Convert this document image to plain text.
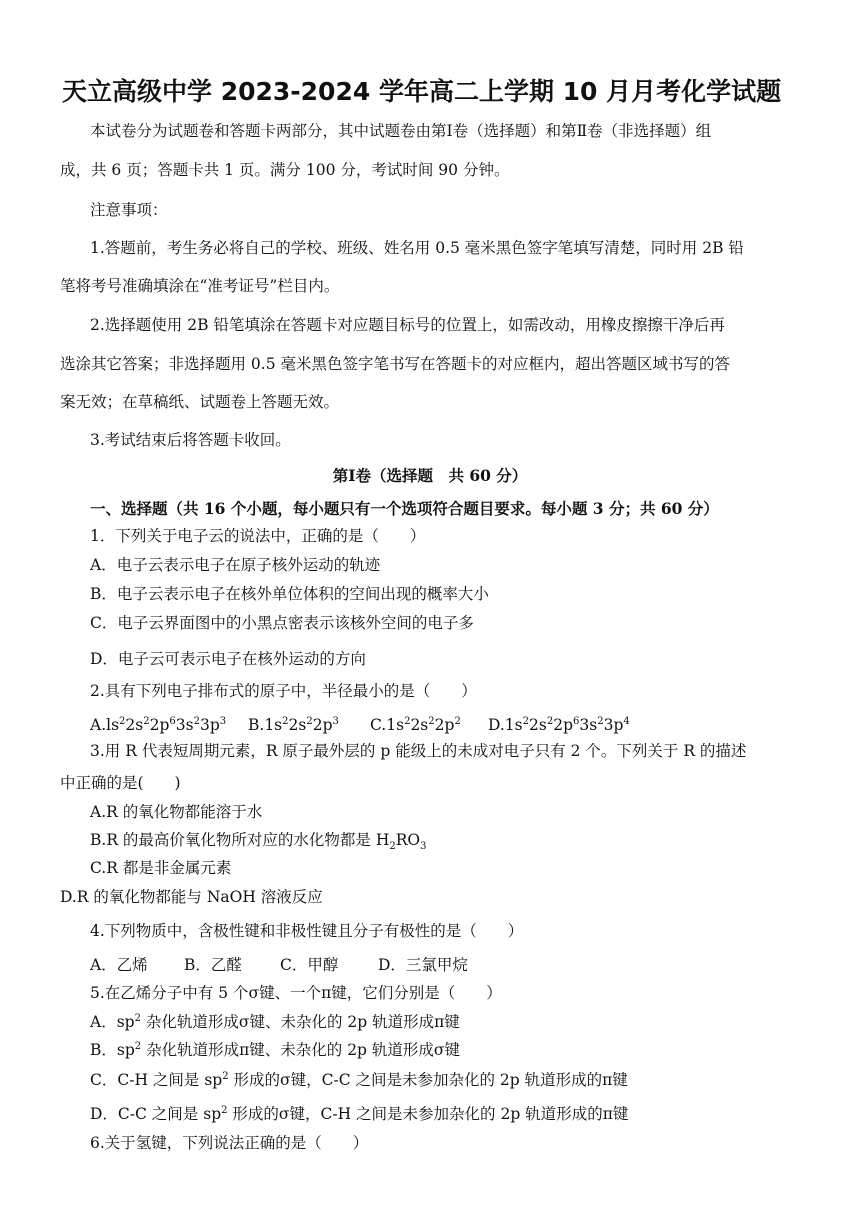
天立高级中学 2023-2024 学年高二上学期 10 月月考化学试题
本试卷分为试题卷和答题卡两部分，其中试题卷由第Ⅰ卷（选择题）和第Ⅱ卷（非选择题）组
成，共 6 页；答题卡共 1 页。满分 100 分，考试时间 90 分钟。
注意事项：
1.答题前，考生务必将自己的学校、班级、姓名用 0.5 毫米黑色签字笔填写清楚，同时用 2B 铅
笔将考号准确填涂在“准考证号”栏目内。
2.选择题使用 2B 铅笔填涂在答题卡对应题目标号的位置上，如需改动，用橡皮擦擦干净后再
选涂其它答案；非选择题用 0.5 毫米黑色签字笔书写在答题卡的对应框内，超出答题区域书写的答
案无效；在草稿纸、试题卷上答题无效。
3.考试结束后将答题卡收回。
第Ⅰ卷（选择题　共 60 分）
一、选择题（共 16 个小题，每小题只有一个选项符合题目要求。每小题 3 分；共 60 分）
1．下列关于电子云的说法中，正确的是（　　）
A．电子云表示电子在原子核外运动的轨迹
B．电子云表示电子在核外单位体积的空间出现的概率大小
C．电子云界面图中的小黑点密表示该核外空间的电子多
D．电子云可表示电子在核外运动的方向
2.具有下列电子排布式的原子中，半径最小的是（　　）
$A.ls^22s^22p^63s^23p^3$ $B.1s^22s^22p^3$ $C.1s^22s^22p^2$ $D.1s^22s^22p^63s^23p^4$
3.用 R 代表短周期元素，R 原子最外层的 p 能级上的未成对电子只有 2 个。下列关于 R 的描述
中正确的是(　　)
A.R 的氧化物都能溶于水
B.R 的最高价氧化物所对应的水化物都是 $H_2RO_3$
C.R 都是非金属元素
D.R 的氧化物都能与 NaOH 溶液反应
4.下列物质中，含极性键和非极性键且分子有极性的是（　　）
A．乙烯 B．乙醛 C．甲醇	D．三氯甲烷
5.在乙烯分子中有 5 个σ键、一个π键，它们分别是（　　）
A．$sp^2$ 杂化轨道形成σ键、未杂化的 2p 轨道形成π键
B．$sp^2$ 杂化轨道形成π键、未杂化的 2p 轨道形成σ键
C．C-H 之间是 $sp^2$ 形成的σ键，C-C 之间是未参加杂化的 2p 轨道形成的π键
D．C-C 之间是 $sp^2$ 形成的σ键，C-H 之间是未参加杂化的 2p 轨道形成的π键
6.关于氢键，下列说法正确的是（　　）
